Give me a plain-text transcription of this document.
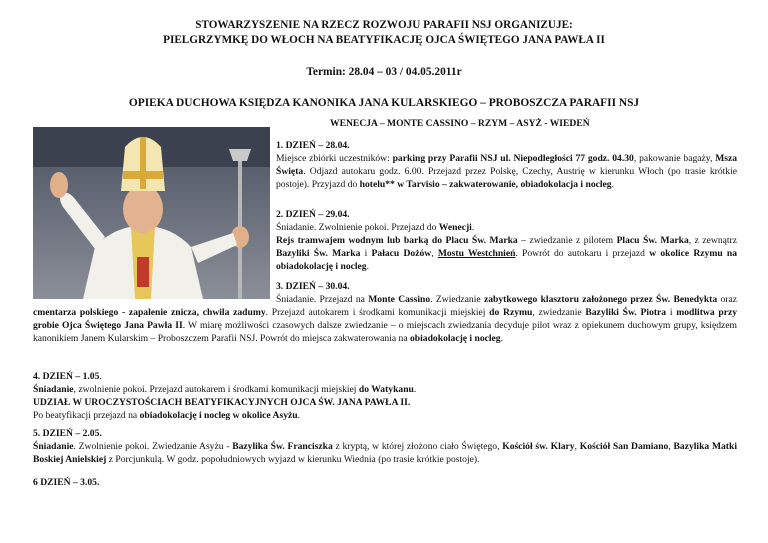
STOWARZYSZENIE NA RZECZ ROZWOJU PARAFII NSJ ORGANIZUJE:
PIELGRZYMKĘ DO WŁOCH NA BEATYFIKACJĘ OJCA ŚWIĘTEGO JANA PAWŁA II
Termin: 28.04 – 03 / 04.05.2011r
OPIEKA DUCHOWA KSIĘDZA KANONIKA JANA KULARSKIEGO – PROBOSZCZA PARAFII NSJ
WENECJA – MONTE CASSINO – RZYM – ASYŻ - WIEDEŃ
1. DZIEŃ – 28.04.
Miejsce zbiórki uczestników: parking przy Parafii NSJ ul. Niepodległości 77 godz. 04.30, pakowanie bagaży, Msza Święta. Odjazd autokaru godz. 6.00. Przejazd przez Polskę, Czechy, Austrię w kierunku Włoch (po trasie krótkie postoje). Przyjazd do hotelu** w Tarvisio – zakwaterowanie, obiadokolacja i nocleg.
2. DZIEŃ – 29.04.
Śniadanie. Zwolnienie pokoi. Przejazd do Wenecji.
Rejs tramwajem wodnym lub barką do Placu Św. Marka – zwiedzanie z pilotem Placu Św. Marka, z zewnątrz Bazyliki Św. Marka i Pałacu Dożów, Mostu Westchnień. Powrót do autokaru i przejazd w okolice Rzymu na obiadokolację i nocleg.
3. DZIEŃ – 30.04.
Śniadanie. Przejazd na Monte Cassino. Zwiedzanie zabytkowego klasztoru założonego przez Św. Benedykta oraz cmentarza polskiego - zapalenie znicza, chwila zadumy. Przejazd autokarem i środkami komunikacji miejskiej do Rzymu, zwiedzanie Bazyliki Św. Piotra i modlitwa przy grobie Ojca Świętego Jana Pawła II. W miarę możliwości czasowych dalsze zwiedzanie – o miejscach zwiedzania decyduje pilot wraz z opiekunem duchowym grupy, księdzem kanonikiem Janem Kularskim – Proboszczem Parafii NSJ. Powrót do miejsca zakwaterowania na obiadokolację i nocleg.
4. DZIEŃ – 1.05.
Śniadanie, zwolnienie pokoi. Przejazd autokarem i środkami komunikacji miejskiej do Watykanu.
UDZIAŁ W UROCZYSTOŚCIACH BEATYFIKACYJNYCH OJCA ŚW. JANA PAWŁA II.
Po beatyfikacji przejazd na obiadokolację i nocleg w okolice Asyżu.
5. DZIEŃ – 2.05.
Śniadanie. Zwolnienie pokoi. Zwiedzanie Asyżu - Bazylika Św. Franciszka z kryptą, w której złożono ciało Świętego, Kościół św. Klary, Kościół San Damiano, Bazylika Matki Boskiej Anielskiej z Porcjunkulą. W godz. popołudniowych wyjazd w kierunku Wiednia (po trasie krótkie postoje).
6 DZIEŃ – 3.05.
